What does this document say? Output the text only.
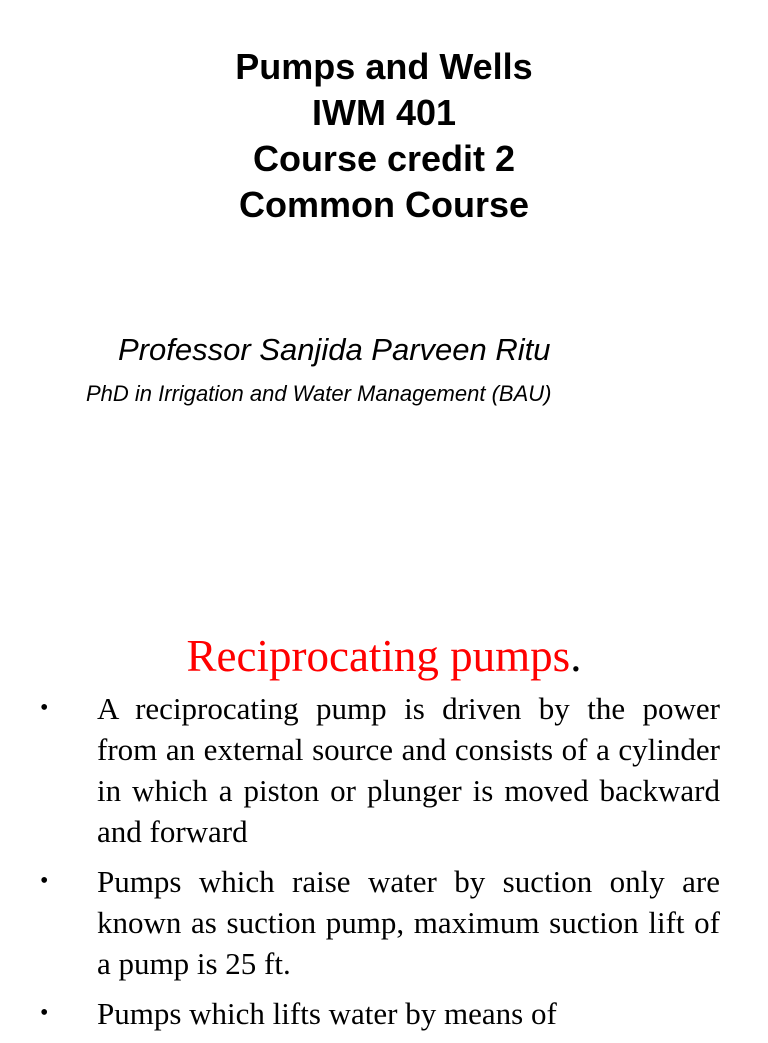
Pumps and Wells
IWM 401
Course credit 2
Common Course
Professor Sanjida Parveen Ritu
PhD in Irrigation and Water Management (BAU)
Reciprocating pumps.
• A reciprocating pump is driven by the power from an external source and consists of a cylinder in which a piston or plunger is moved backward and forward
• Pumps which raise water by suction only are known as suction pump, maximum suction lift of a pump is 25 ft.
• Pumps which lifts water by means of
